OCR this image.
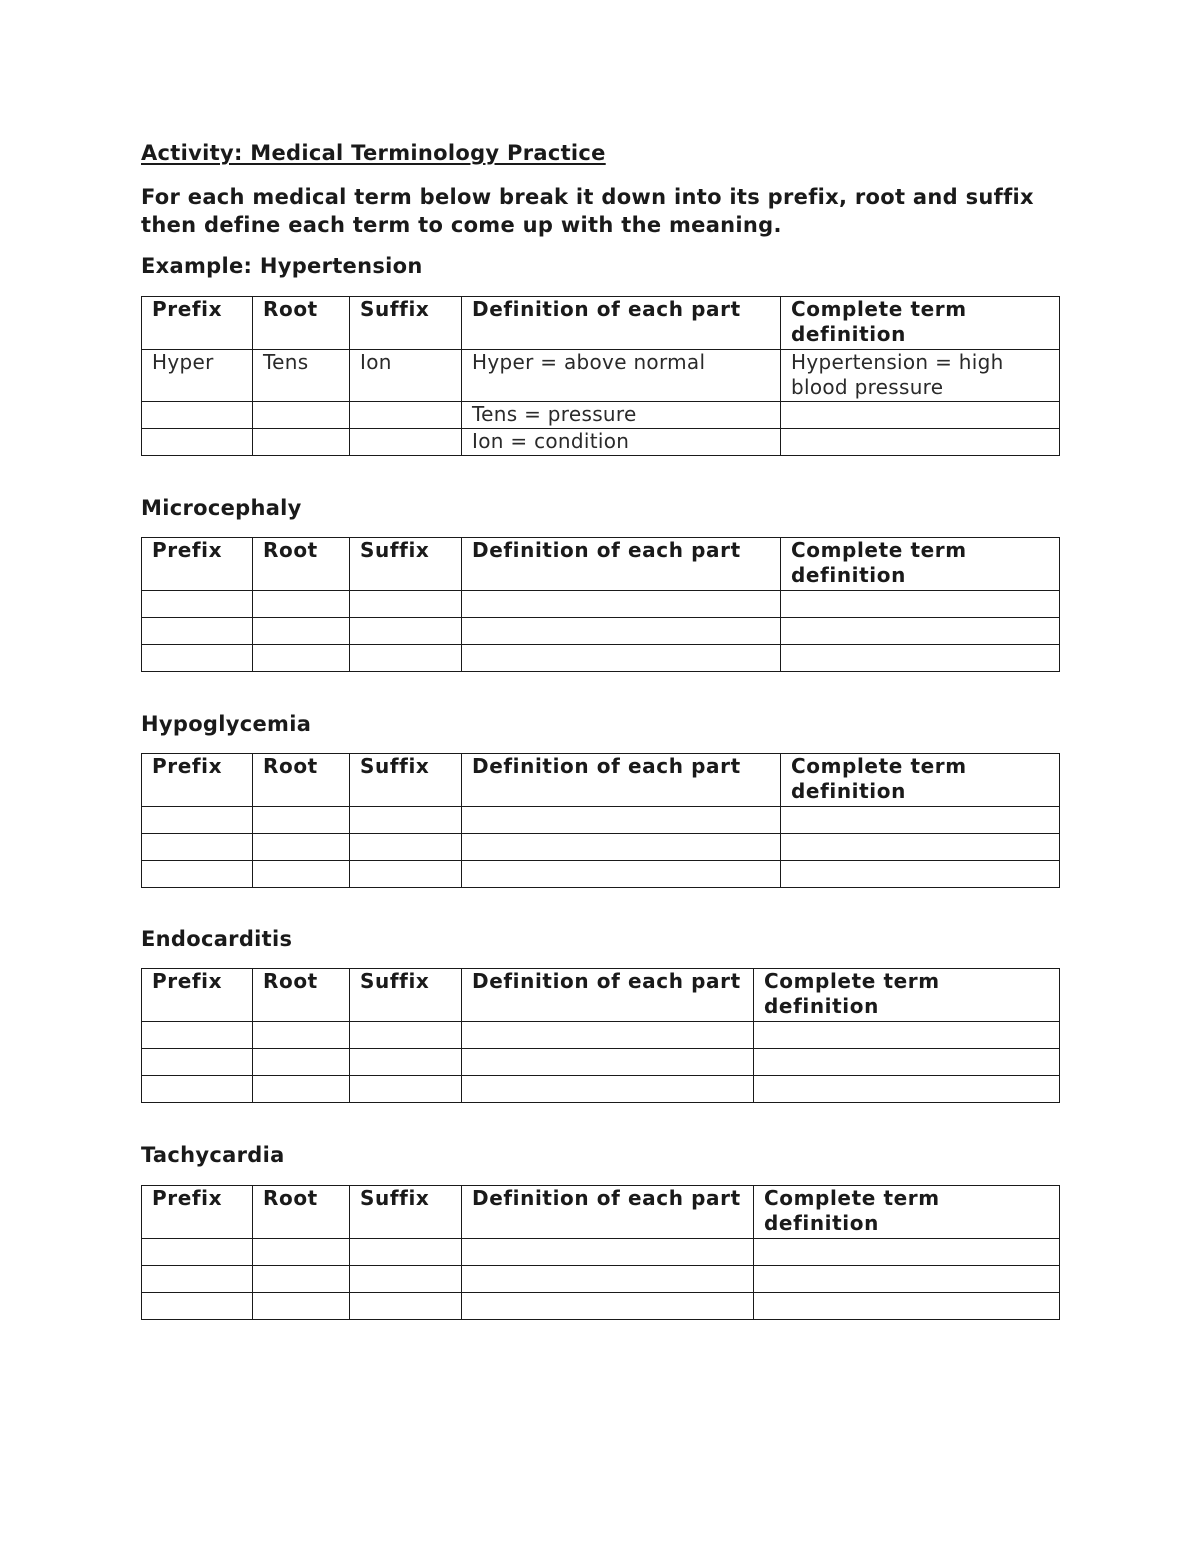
Activity: Medical Terminology Practice

For each medical term below break it down into its prefix, root and suffix then define each term to come up with the meaning.

Example: Hypertension
Prefix	Root	Suffix	Definition of each part	Complete term definition
Hyper	Tens	Ion	Hyper = above normal	Hypertension = high blood pressure
			Tens = pressure	
			Ion = condition	
Microcephaly
Prefix	Root	Suffix	Definition of each part	Complete term definition

Hypoglycemia
Prefix	Root	Suffix	Definition of each part	Complete term definition

Endocarditis
Prefix	Root	Suffix	Definition of each part	Complete term definition

Tachycardia
Prefix	Root	Suffix	Definition of each part	Complete term definition
